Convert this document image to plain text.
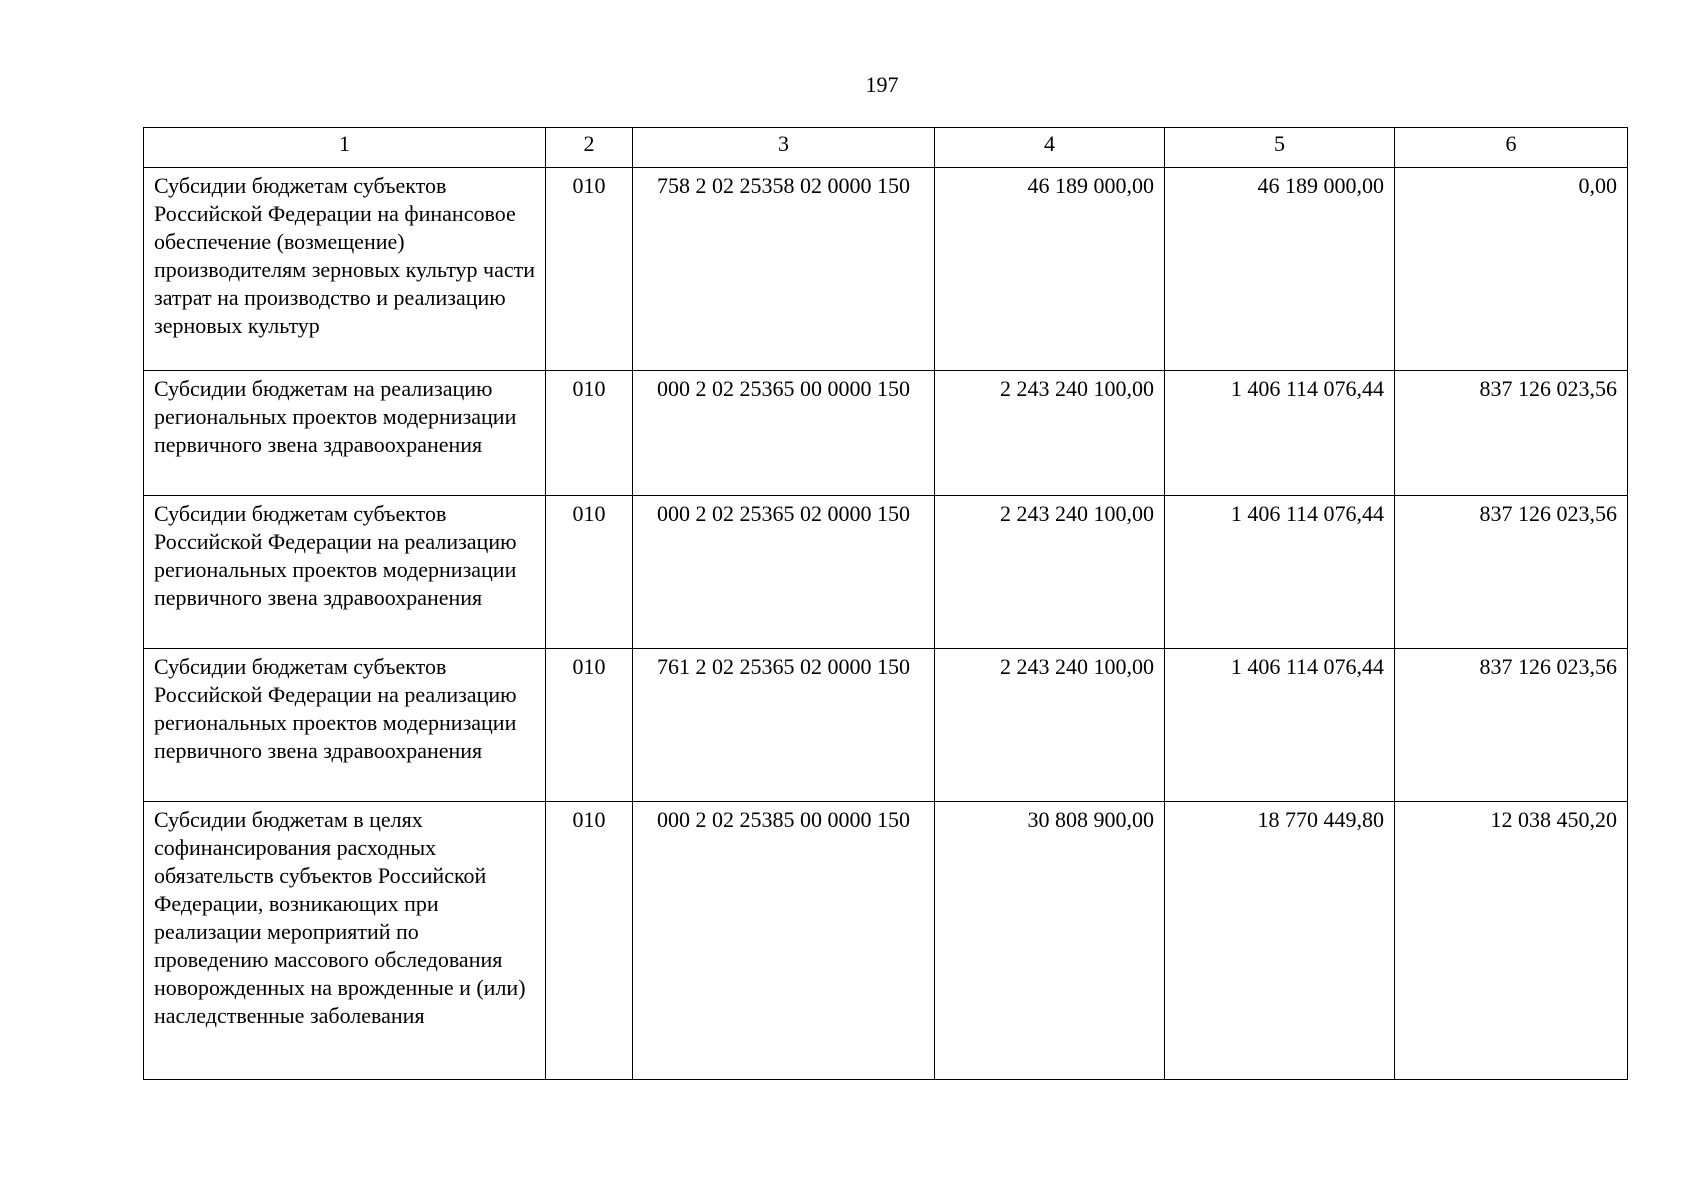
197
1	2	3	4	5	6
Субсидии бюджетам субъектов Российской Федерации на финансовое обеспечение (возмещение) производителям зерновых культур части затрат на производство и реализацию зерновых культур	010	758 2 02 25358 02 0000 150	46 189 000,00	46 189 000,00	0,00
Субсидии бюджетам на реализацию региональных проектов модернизации первичного звена здравоохранения	010	000 2 02 25365 00 0000 150	2 243 240 100,00	1 406 114 076,44	837 126 023,56
Субсидии бюджетам субъектов Российской Федерации на реализацию региональных проектов модернизации первичного звена здравоохранения	010	000 2 02 25365 02 0000 150	2 243 240 100,00	1 406 114 076,44	837 126 023,56
Субсидии бюджетам субъектов Российской Федерации на реализацию региональных проектов модернизации первичного звена здравоохранения	010	761 2 02 25365 02 0000 150	2 243 240 100,00	1 406 114 076,44	837 126 023,56
Субсидии бюджетам в целях софинансирования расходных обязательств субъектов Российской Федерации, возникающих при реализации мероприятий по проведению массового обследования новорожденных на врожденные и (или) наследственные заболевания	010	000 2 02 25385 00 0000 150	30 808 900,00	18 770 449,80	12 038 450,20
